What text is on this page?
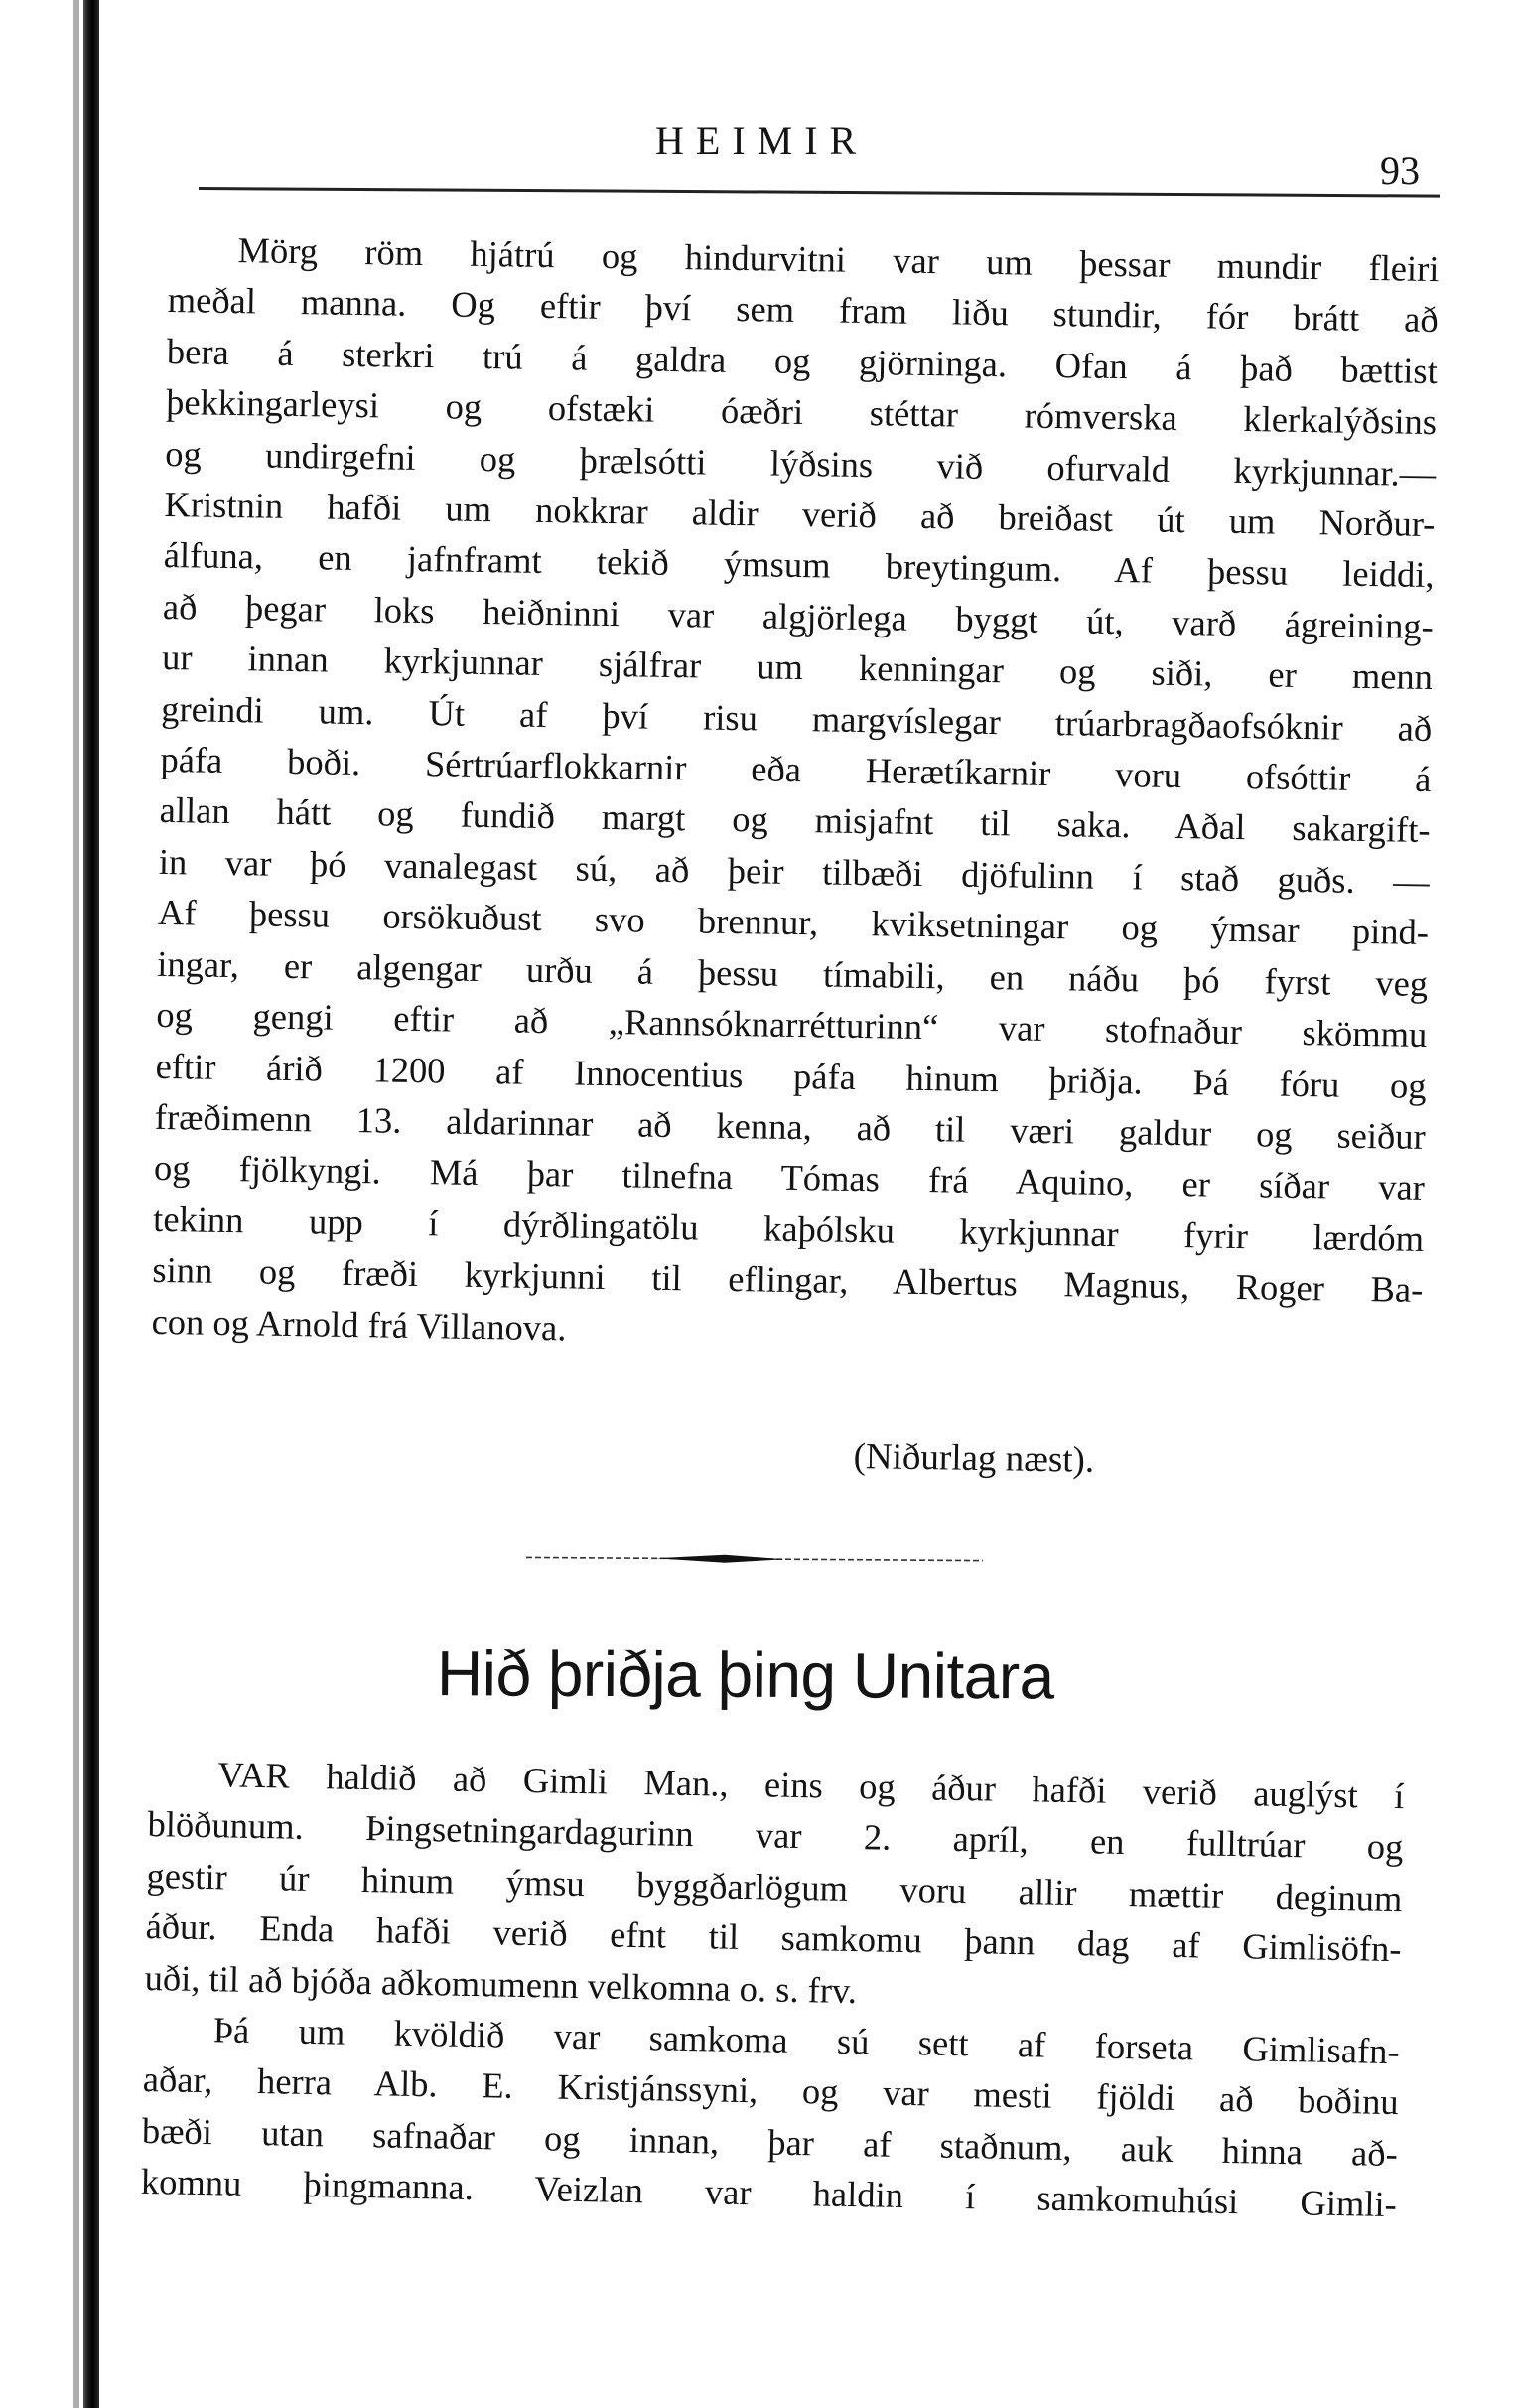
HEIMIR
93

Mörg röm hjátrú og hindurvitni var um þessar mundir fleiri

meðal manna. Og eftir því sem fram liðu stundir, fór brátt að

bera á sterkri trú á galdra og gjörninga. Ofan á það bættist

þekkingarleysi og ofstæki óæðri stéttar rómverska klerkalýðsins

og undirgefni og þrælsótti lýðsins við ofurvald kyrkjunnar.—

Kristnin hafði um nokkrar aldir verið að breiðast út um Norður-

álfuna, en jafnframt tekið ýmsum breytingum. Af þessu leiddi,

að þegar loks heiðninni var algjörlega byggt út, varð ágreining-

ur innan kyrkjunnar sjálfrar um kenningar og siði, er menn

greindi um. Út af því risu margvíslegar trúarbragðaofsóknir að

páfa boði. Sértrúarflokkarnir eða Herætíkarnir voru ofsóttir á

allan hátt og fundið margt og misjafnt til saka. Aðal sakargift-

in var þó vanalegast sú, að þeir tilbæði djöfulinn í stað guðs. —

Af þessu orsökuðust svo brennur, kviksetningar og ýmsar pind-

ingar, er algengar urðu á þessu tímabili, en náðu þó fyrst veg

og gengi eftir að „Rannsóknarrétturinn“ var stofnaður skömmu

eftir árið 1200 af Innocentius páfa hinum þriðja. Þá fóru og

fræðimenn 13. aldarinnar að kenna, að til væri galdur og seiður

og fjölkyngi. Má þar tilnefna Tómas frá Aquino, er síðar var

tekinn upp í dýrðlingatölu kaþólsku kyrkjunnar fyrir lærdóm

sinn og fræði kyrkjunni til eflingar, Albertus Magnus, Roger Ba-

con og Arnold frá Villanova.

(Niðurlag næst).
Hið þriðja þing Unitara

VAR haldið að Gimli Man., eins og áður hafði verið auglýst í

blöðunum. Þingsetningardagurinn var 2. apríl, en fulltrúar og

gestir úr hinum ýmsu byggðarlögum voru allir mættir deginum

áður. Enda hafði verið efnt til samkomu þann dag af Gimlisöfn-

uði, til að bjóða aðkomumenn velkomna o. s. frv.

Þá um kvöldið var samkoma sú sett af forseta Gimlisafn-

aðar, herra Alb. E. Kristjánssyni, og var mesti fjöldi að boðinu

bæði utan safnaðar og innan, þar af staðnum, auk hinna að-

komnu þingmanna. Veizlan var haldin í samkomuhúsi Gimli-
